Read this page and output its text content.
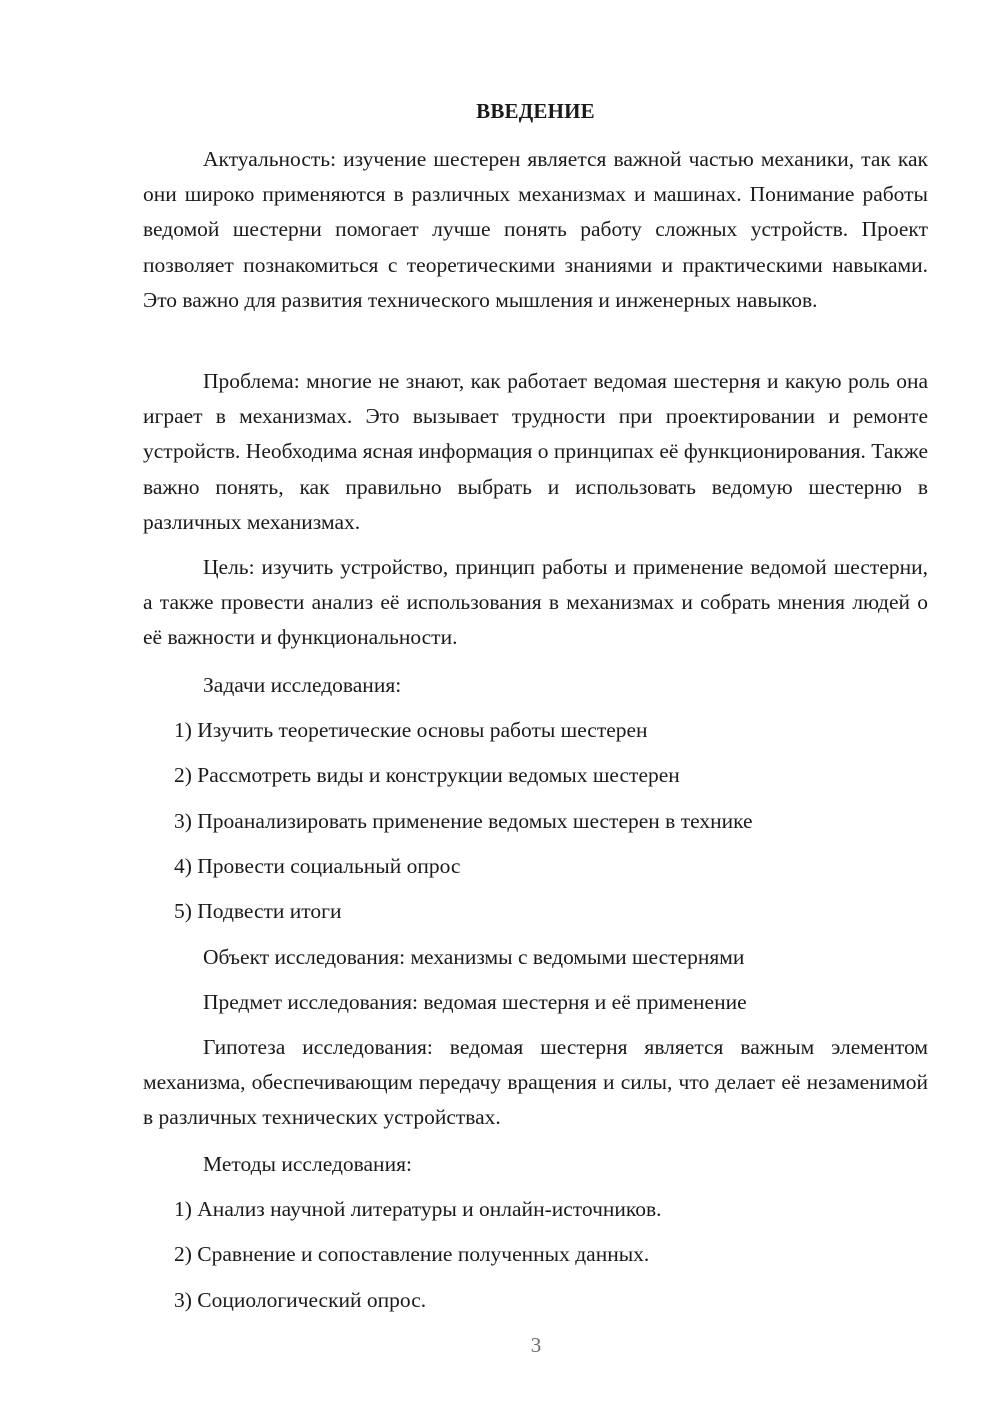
ВВЕДЕНИЕ

Актуальность: изучение шестерен является важной частью механики, так как они широко применяются в различных механизмах и машинах. Понимание работы ведомой шестерни помогает лучше понять работу сложных устройств. Проект позволяет познакомиться с теоретическими знаниями и практическими навыками. Это важно для развития технического мышления и инженерных навыков.

Проблема: многие не знают, как работает ведомая шестерня и какую роль она играет в механизмах. Это вызывает трудности при проектировании и ремонте устройств. Необходима ясная информация о принципах её функционирования. Также важно понять, как правильно выбрать и использовать ведомую шестерню в различных механизмах.

Цель: изучить устройство, принцип работы и применение ведомой шестерни, а также провести анализ её использования в механизмах и собрать мнения людей о её важности и функциональности.

Задачи исследования:
1) Изучить теоретические основы работы шестерен
2) Рассмотреть виды и конструкции ведомых шестерен
3) Проанализировать применение ведомых шестерен в технике
4) Провести социальный опрос
5) Подвести итоги
Объект исследования: механизмы с ведомыми шестернями
Предмет исследования: ведомая шестерня и её применение

Гипотеза исследования: ведомая шестерня является важным элементом механизма, обеспечивающим передачу вращения и силы, что делает её незаменимой в различных технических устройствах.

Методы исследования:
1) Анализ научной литературы и онлайн-источников.
2) Сравнение и сопоставление полученных данных.
3) Социологический опрос.
3
